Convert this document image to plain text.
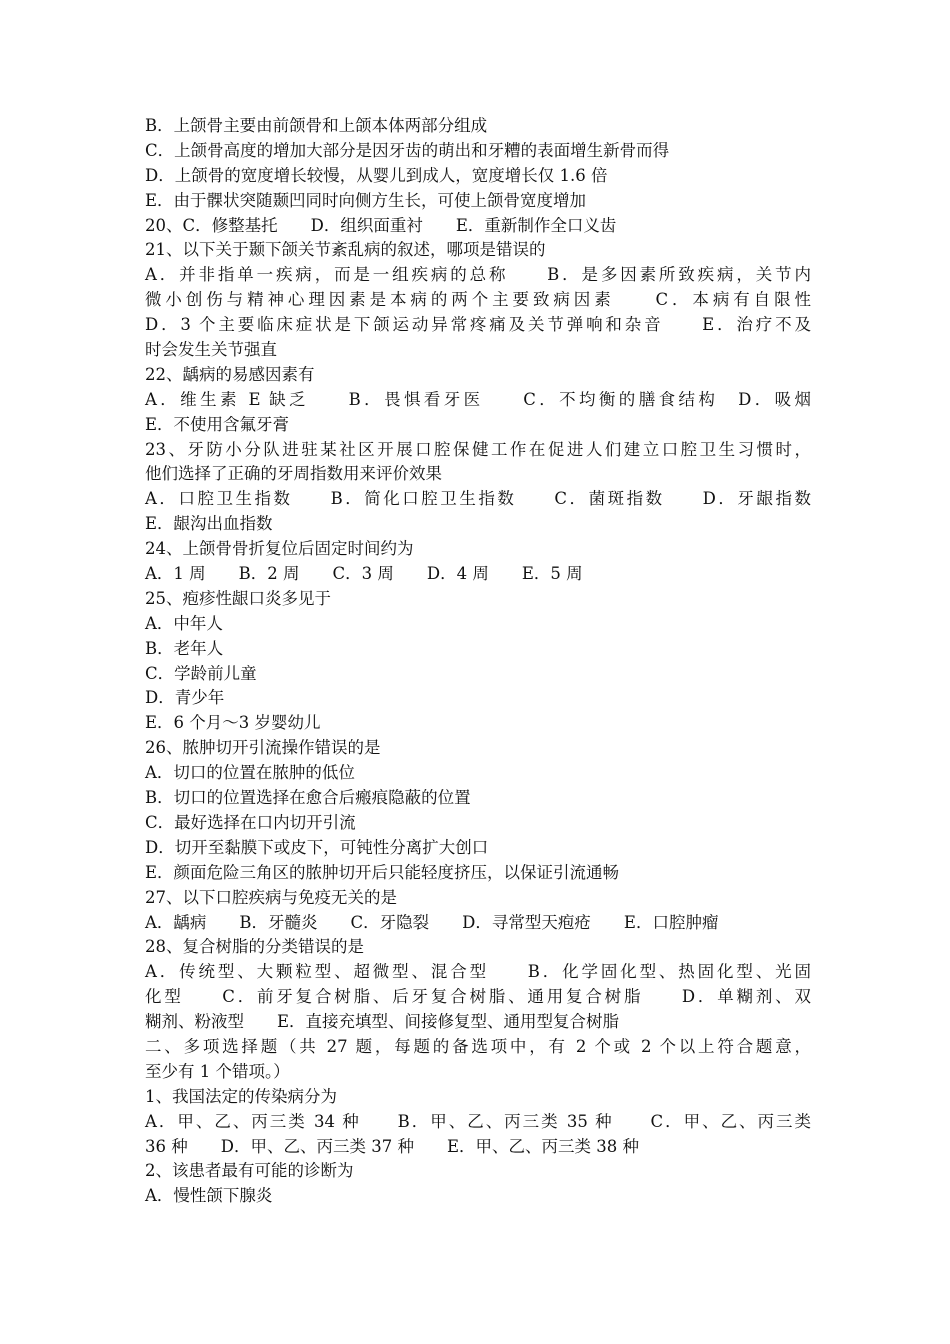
B．上颌骨主要由前颌骨和上颌本体两部分组成
C．上颌骨高度的增加大部分是因牙齿的萌出和牙糟的表面增生新骨而得
D．上颌骨的宽度增长较慢，从婴儿到成人，宽度增长仅 1.6 倍
E．由于髁状突随颞凹同时向侧方生长，可使上颌骨宽度增加
20、C．修整基托　　D．组织面重衬　　E．重新制作全口义齿
21、以下关于颞下颌关节紊乱病的叙述，哪项是错误的
A．并非指单一疾病，而是一组疾病的总称　　B．是多因素所致疾病，关节内
微小创伤与精神心理因素是本病的两个主要致病因素　　C．本病有自限性
D．3 个主要临床症状是下颌运动异常疼痛及关节弹响和杂音　　E．治疗不及
时会发生关节强直
22、龋病的易感因素有
A．维生素 E 缺乏　　B．畏惧看牙医　　C．不均衡的膳食结构　D．吸烟
E．不使用含氟牙膏
23、牙防小分队进驻某社区开展口腔保健工作在促进人们建立口腔卫生习惯时，
他们选择了正确的牙周指数用来评价效果
A．口腔卫生指数　　B．简化口腔卫生指数　　C．菌斑指数　　D．牙龈指数
E．龈沟出血指数
24、上颌骨骨折复位后固定时间约为
A．1 周　　B．2 周　　C．3 周　　D．4 周　　E．5 周
25、疱疹性龈口炎多见于
A．中年人
B．老年人
C．学龄前儿童
D．青少年
E．6 个月～3 岁婴幼儿
26、脓肿切开引流操作错误的是
A．切口的位置在脓肿的低位
B．切口的位置选择在愈合后瘢痕隐蔽的位置
C．最好选择在口内切开引流
D．切开至黏膜下或皮下，可钝性分离扩大创口
E．颜面危险三角区的脓肿切开后只能轻度挤压，以保证引流通畅
27、以下口腔疾病与免疫无关的是
A．龋病　　B．牙髓炎　　C．牙隐裂　　D．寻常型天疱疮　　E．口腔肿瘤
28、复合树脂的分类错误的是
A．传统型、大颗粒型、超微型、混合型　　B．化学固化型、热固化型、光固
化型　　C．前牙复合树脂、后牙复合树脂、通用复合树脂　　D．单糊剂、双
糊剂、粉液型　　E．直接充填型、间接修复型、通用型复合树脂
二、多项选择题（共 27 题，每题的备选项中，有 2 个或 2 个以上符合题意，
至少有 1 个错项。）
1、我国法定的传染病分为
A．甲、乙、丙三类 34 种　　B．甲、乙、丙三类 35 种　　C．甲、乙、丙三类
36 种　　D．甲、乙、丙三类 37 种　　E．甲、乙、丙三类 38 种
2、该患者最有可能的诊断为
A．慢性颌下腺炎
